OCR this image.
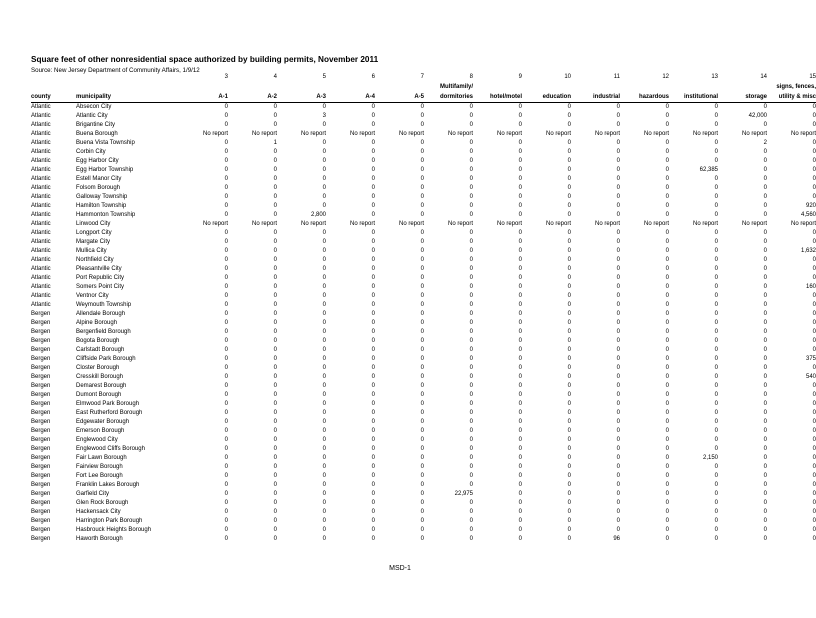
Square feet of other nonresidential space authorized by building permits, November 2011
Source: New Jersey Department of Community Affairs, 1/9/12
		3	4	5	6	7	8	9	10	11	12	13	14	15
							Multifamily/							signs, fences,
county	municipality	A-1	A-2	A-3	A-4	A-5	dormitories	hotel/motel	education	industrial	hazardous	institutional	storage	utility & misc
Atlantic	Absecon City	0	0	0	0	0	0	0	0	0	0	0	0	0
Atlantic	Atlantic City	0	0	3	0	0	0	0	0	0	0	0	42,000	0
Atlantic	Brigantine City	0	0	0	0	0	0	0	0	0	0	0	0	0
Atlantic	Buena Borough	No report	No report	No report	No report	No report	No report	No report	No report	No report	No report	No report	No report	No report
Atlantic	Buena Vista Township	0	1	0	0	0	0	0	0	0	0	0	2	0
Atlantic	Corbin City	0	0	0	0	0	0	0	0	0	0	0	0	0
Atlantic	Egg Harbor City	0	0	0	0	0	0	0	0	0	0	0	0	0
Atlantic	Egg Harbor Township	0	0	0	0	0	0	0	0	0	0	62,385	0	0
Atlantic	Estell Manor City	0	0	0	0	0	0	0	0	0	0	0	0	0
Atlantic	Folsom Borough	0	0	0	0	0	0	0	0	0	0	0	0	0
Atlantic	Galloway Township	0	0	0	0	0	0	0	0	0	0	0	0	0
Atlantic	Hamilton Township	0	0	0	0	0	0	0	0	0	0	0	0	920
Atlantic	Hammonton Township	0	0	2,800	0	0	0	0	0	0	0	0	0	4,560
Atlantic	Linwood City	No report	No report	No report	No report	No report	No report	No report	No report	No report	No report	No report	No report	No report
Atlantic	Longport City	0	0	0	0	0	0	0	0	0	0	0	0	0
Atlantic	Margate City	0	0	0	0	0	0	0	0	0	0	0	0	0
Atlantic	Mullica City	0	0	0	0	0	0	0	0	0	0	0	0	1,632
Atlantic	Northfield City	0	0	0	0	0	0	0	0	0	0	0	0	0
Atlantic	Pleasantville City	0	0	0	0	0	0	0	0	0	0	0	0	0
Atlantic	Port Republic City	0	0	0	0	0	0	0	0	0	0	0	0	0
Atlantic	Somers Point City	0	0	0	0	0	0	0	0	0	0	0	0	160
Atlantic	Ventnor City	0	0	0	0	0	0	0	0	0	0	0	0	0
Atlantic	Weymouth Township	0	0	0	0	0	0	0	0	0	0	0	0	0
Bergen	Allendale Borough	0	0	0	0	0	0	0	0	0	0	0	0	0
Bergen	Alpine Borough	0	0	0	0	0	0	0	0	0	0	0	0	0
Bergen	Bergenfield Borough	0	0	0	0	0	0	0	0	0	0	0	0	0
Bergen	Bogota Borough	0	0	0	0	0	0	0	0	0	0	0	0	0
Bergen	Carlstadt Borough	0	0	0	0	0	0	0	0	0	0	0	0	0
Bergen	Cliffside Park Borough	0	0	0	0	0	0	0	0	0	0	0	0	375
Bergen	Closter Borough	0	0	0	0	0	0	0	0	0	0	0	0	0
Bergen	Cresskill Borough	0	0	0	0	0	0	0	0	0	0	0	0	540
Bergen	Demarest Borough	0	0	0	0	0	0	0	0	0	0	0	0	0
Bergen	Dumont Borough	0	0	0	0	0	0	0	0	0	0	0	0	0
Bergen	Elmwood Park Borough	0	0	0	0	0	0	0	0	0	0	0	0	0
Bergen	East Rutherford Borough	0	0	0	0	0	0	0	0	0	0	0	0	0
Bergen	Edgewater Borough	0	0	0	0	0	0	0	0	0	0	0	0	0
Bergen	Emerson Borough	0	0	0	0	0	0	0	0	0	0	0	0	0
Bergen	Englewood City	0	0	0	0	0	0	0	0	0	0	0	0	0
Bergen	Englewood Cliffs Borough	0	0	0	0	0	0	0	0	0	0	0	0	0
Bergen	Fair Lawn Borough	0	0	0	0	0	0	0	0	0	0	2,150	0	0
Bergen	Fairview Borough	0	0	0	0	0	0	0	0	0	0	0	0	0
Bergen	Fort Lee Borough	0	0	0	0	0	0	0	0	0	0	0	0	0
Bergen	Franklin Lakes Borough	0	0	0	0	0	0	0	0	0	0	0	0	0
Bergen	Garfield City	0	0	0	0	0	22,975	0	0	0	0	0	0	0
Bergen	Glen Rock Borough	0	0	0	0	0	0	0	0	0	0	0	0	0
Bergen	Hackensack City	0	0	0	0	0	0	0	0	0	0	0	0	0
Bergen	Harrington Park Borough	0	0	0	0	0	0	0	0	0	0	0	0	0
Bergen	Hasbrouck Heights Borough	0	0	0	0	0	0	0	0	0	0	0	0	0
Bergen	Haworth Borough	0	0	0	0	0	0	0	0	96	0	0	0	0
MSD-1
